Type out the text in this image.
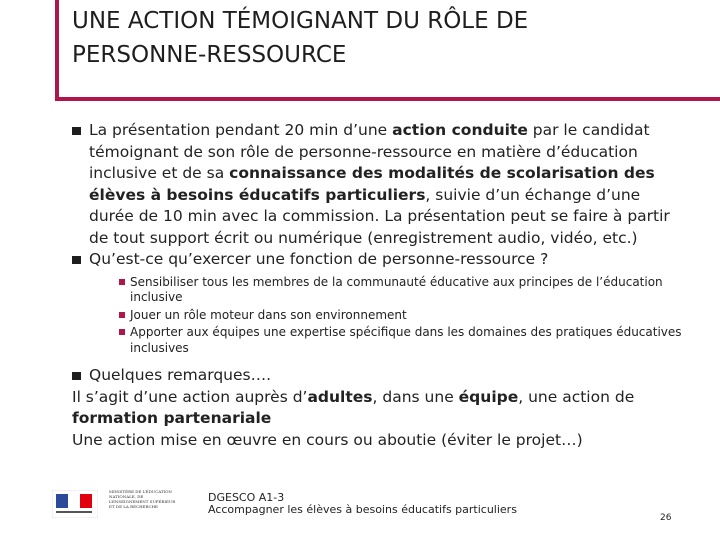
UNE ACTION TÉMOIGNANT DU RÔLE DE
PERSONNE-RESSOURCE

La présentation pendant 20 min d’une action conduite par le candidat témoignant de son rôle de personne-ressource en matière d’éducation inclusive et de sa connaissance des modalités de scolarisation des élèves à besoins éducatifs particuliers, suivie d’un échange d’une durée de 10 min avec la commission. La présentation peut se faire à partir de tout support écrit ou numérique (enregistrement audio, vidéo, etc.)

Qu’est-ce qu’exercer une fonction de personne-ressource ?

Sensibiliser tous les membres de la communauté éducative aux principes de l’éducation inclusive

Jouer un rôle moteur dans son environnement

Apporter aux équipes une expertise spécifique dans les domaines des pratiques éducatives inclusives

Quelques remarques….

Il s’agit d’une action auprès d’adultes, dans une équipe, une action de formation partenariale

Une action mise en œuvre en cours ou aboutie (éviter le projet…)

MINISTÈRE DE L’ÉDUCATION NATIONALE, DE L’ENSEIGNEMENT SUPÉRIEUR ET DE LA RECHERCHE
DGESCO A1-3
Accompagner les élèves à besoins éducatifs particuliers
26
